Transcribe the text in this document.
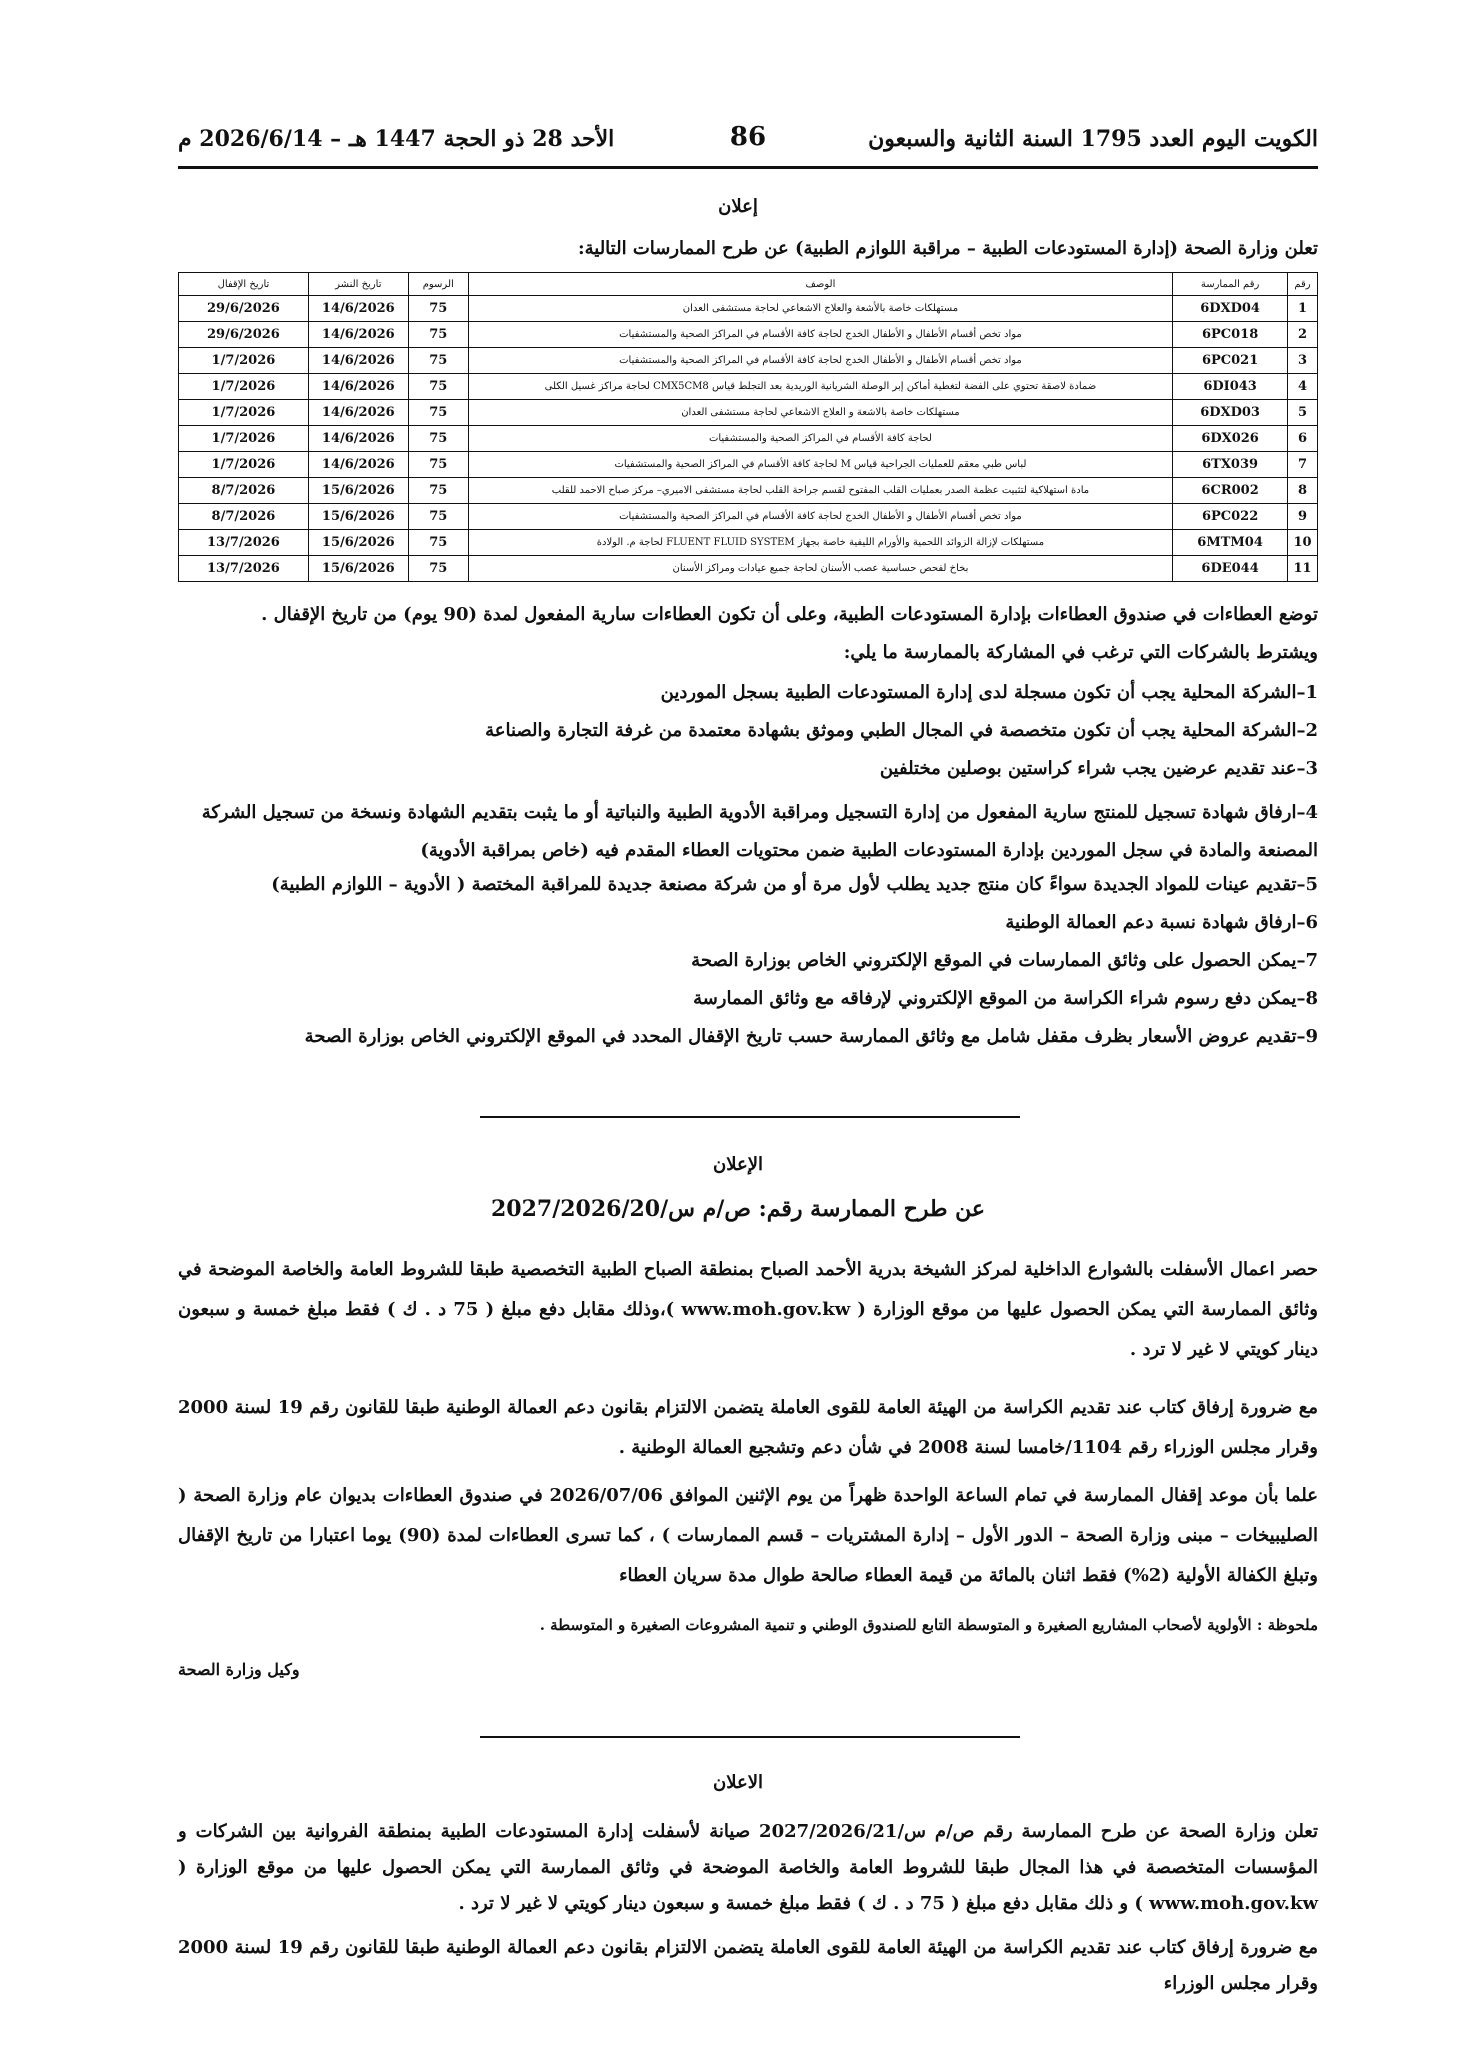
الكويت اليوم العدد 1795 السنة الثانية والسبعون
86
الأحد 28 ذو الحجة 1447 هـ – 2026/6/14 م
إعلان
تعلن وزارة الصحة (إدارة المستودعات الطبية – مراقبة اللوازم الطبية) عن طرح الممارسات التالية:
رقم	رقم الممارسة	الوصف	الرسوم	تاريخ النشر	تاريخ الإقفال
1	6DXD04	مستهلكات خاصة بالأشعة والعلاج الاشعاعي لحاجة مستشفى العدان	75	14/6/2026	29/6/2026
2	6PC018	مواد تخص أقسام الأطفال و الأطفال الخدج لحاجة كافة الأقسام في المراكز الصحية والمستشفيات	75	14/6/2026	29/6/2026
3	6PC021	مواد تخص أقسام الأطفال و الأطفال الخدج لحاجة كافة الأقسام في المراكز الصحية والمستشفيات	75	14/6/2026	1/7/2026
4	6DI043	ضمادة لاصقة تحتوي على الفضة لتغطية أماكن إبر الوصلة الشريانية الوريدية بعد التجلط قياس CMX5CM8 لحاجة مراكز غسيل الكلى	75	14/6/2026	1/7/2026
5	6DXD03	مستهلكات خاصة بالاشعة و العلاج الاشعاعي لحاجة مستشفى العدان	75	14/6/2026	1/7/2026
6	6DX026	لحاجة كافة الأقسام في المراكز الصحية والمستشفيات	75	14/6/2026	1/7/2026
7	6TX039	لباس طبي معقم للعمليات الجراحية قياس M لحاجة كافة الأقسام في المراكز الصحية والمستشفيات	75	14/6/2026	1/7/2026
8	6CR002	مادة استهلاكية لتثبيت عظمة الصدر بعمليات القلب المفتوح لقسم جراحة القلب لحاجة مستشفى الاميري– مركز صباح الاحمد للقلب	75	15/6/2026	8/7/2026
9	6PC022	مواد تخص أقسام الأطفال و الأطفال الخدج لحاجة كافة الأقسام في المراكز الصحية والمستشفيات	75	15/6/2026	8/7/2026
10	6MTM04	مستهلكات لإزالة الزوائد اللحمية والأورام الليفية خاصة بجهاز FLUENT FLUID SYSTEM لحاجة م. الولادة	75	15/6/2026	13/7/2026
11	6DE044	بخاخ لفحص حساسية عصب الأسنان لحاجة جميع عيادات ومراكز الأسنان	75	15/6/2026	13/7/2026
توضع العطاءات في صندوق العطاءات بإدارة المستودعات الطبية، وعلى أن تكون العطاءات سارية المفعول لمدة (90 يوم) من تاريخ الإقفال .
ويشترط بالشركات التي ترغب في المشاركة بالممارسة ما يلي:
1–الشركة المحلية يجب أن تكون مسجلة لدى إدارة المستودعات الطبية بسجل الموردين
2–الشركة المحلية يجب أن تكون متخصصة في المجال الطبي وموثق بشهادة معتمدة من غرفة التجارة والصناعة
3–عند تقديم عرضين يجب شراء كراستين بوصلين مختلفين
4–ارفاق شهادة تسجيل للمنتج سارية المفعول من إدارة التسجيل ومراقبة الأدوية الطبية والنباتية أو ما يثبت بتقديم الشهادة ونسخة من تسجيل الشركة المصنعة والمادة في سجل الموردين بإدارة المستودعات الطبية ضمن محتويات العطاء المقدم فيه (خاص بمراقبة الأدوية)
5–تقديم عينات للمواد الجديدة سواءً كان منتج جديد يطلب لأول مرة أو من شركة مصنعة جديدة للمراقبة المختصة ( الأدوية – اللوازم الطبية)
6–ارفاق شهادة نسبة دعم العمالة الوطنية
7–يمكن الحصول على وثائق الممارسات في الموقع الإلكتروني الخاص بوزارة الصحة
8–يمكن دفع رسوم شراء الكراسة من الموقع الإلكتروني لإرفاقه مع وثائق الممارسة
9–تقديم عروض الأسعار بظرف مقفل شامل مع وثائق الممارسة حسب تاريخ الإقفال المحدد في الموقع الإلكتروني الخاص بوزارة الصحة
الإعلان
عن طرح الممارسة رقم: ص/م س/2027/2026/20
حصر اعمال الأسفلت بالشوارع الداخلية لمركز الشيخة بدرية الأحمد الصباح بمنطقة الصباح الطبية التخصصية طبقا للشروط العامة والخاصة الموضحة في وثائق الممارسة التي يمكن الحصول عليها من موقع الوزارة ( www.moh.gov.kw )،وذلك مقابل دفع مبلغ ( 75 د . ك ) فقط مبلغ خمسة و سبعون دينار كويتي لا غير لا ترد .
مع ضرورة إرفاق كتاب عند تقديم الكراسة من الهيئة العامة للقوى العاملة يتضمن الالتزام بقانون دعم العمالة الوطنية طبقا للقانون رقم 19 لسنة 2000 وقرار مجلس الوزراء رقم 1104/خامسا لسنة 2008 في شأن دعم وتشجيع العمالة الوطنية .
علما بأن موعد إقفال الممارسة في تمام الساعة الواحدة ظهراً من يوم الإثنين الموافق 2026/07/06 في صندوق العطاءات بديوان عام وزارة الصحة ( الصليبيخات – مبنى وزارة الصحة – الدور الأول – إدارة المشتريات – قسم الممارسات ) ، كما تسرى العطاءات لمدة (90) يوما اعتبارا من تاريخ الإقفال وتبلغ الكفالة الأولية (2%) فقط اثنان بالمائة من قيمة العطاء صالحة طوال مدة سريان العطاء
ملحوظة : الأولوية لأصحاب المشاريع الصغيرة و المتوسطة التابع للصندوق الوطني و تنمية المشروعات الصغيرة و المتوسطة .
وكيل وزارة الصحة
الاعلان
تعلن وزارة الصحة عن طرح الممارسة رقم ص/م س/2027/2026/21 صيانة لأسفلت إدارة المستودعات الطبية بمنطقة الفروانية بين الشركات و المؤسسات المتخصصة في هذا المجال طبقا للشروط العامة والخاصة الموضحة في وثائق الممارسة التي يمكن الحصول عليها من موقع الوزارة ( www.moh.gov.kw ) و ذلك مقابل دفع مبلغ ( 75 د . ك ) فقط مبلغ خمسة و سبعون دينار كويتي لا غير لا ترد .
مع ضرورة إرفاق كتاب عند تقديم الكراسة من الهيئة العامة للقوى العاملة يتضمن الالتزام بقانون دعم العمالة الوطنية طبقا للقانون رقم 19 لسنة 2000 وقرار مجلس الوزراء
